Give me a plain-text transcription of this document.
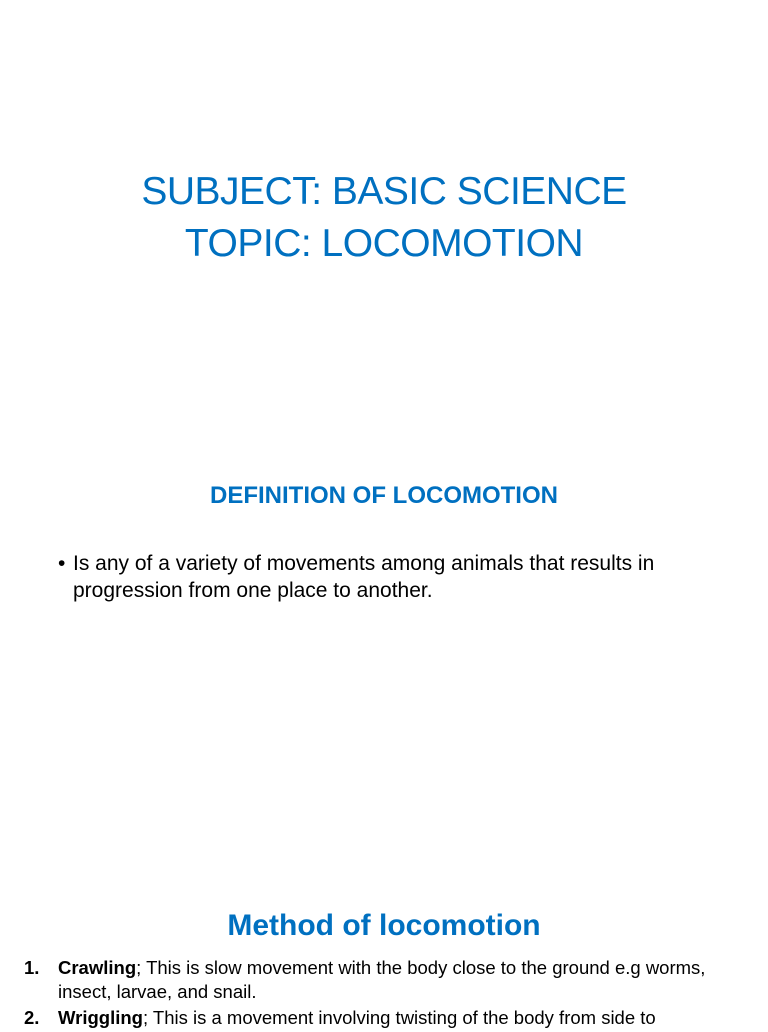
SUBJECT: BASIC SCIENCE
TOPIC: LOCOMOTION
DEFINITION OF LOCOMOTION
• Is any of a variety of movements among animals that results in progression from one place to another.
Method of locomotion
1.	Crawling; This is slow movement with the body close to the ground e.g worms, insect, larvae, and snail.
2.	Wriggling; This is a movement involving twisting of the body from side to
